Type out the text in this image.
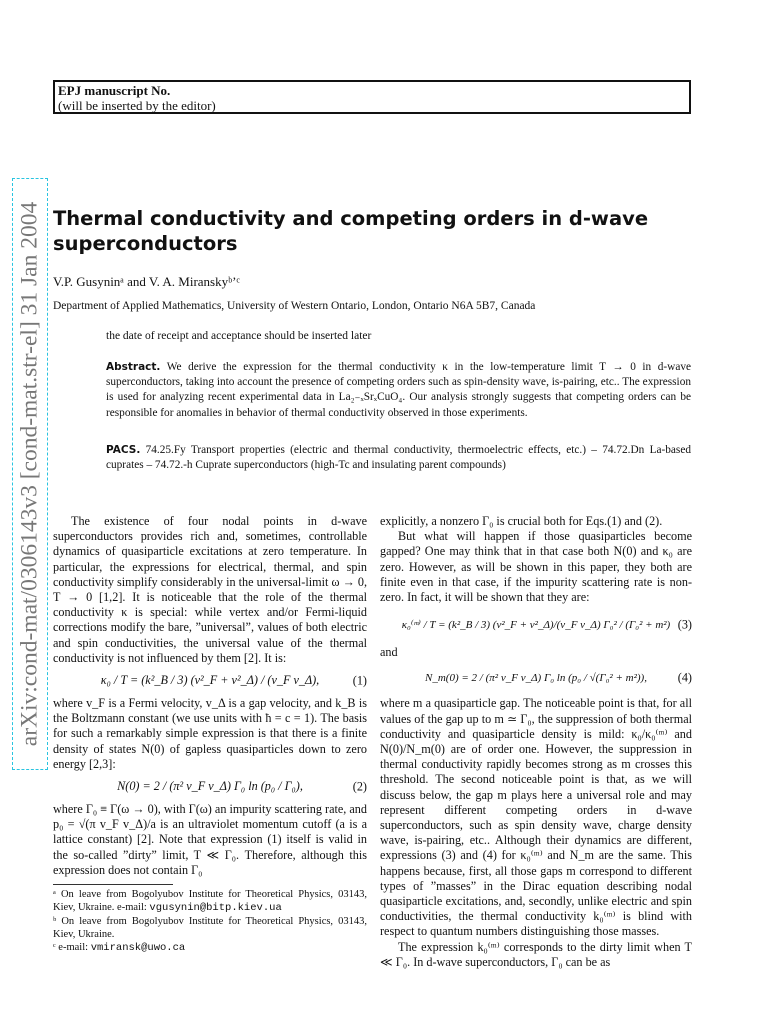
arXiv:cond-mat/0306143v3 [cond-mat.str-el] 31 Jan 2004
EPJ manuscript No.
(will be inserted by the editor)
Thermal conductivity and competing orders in d-wave
superconductors
V.P. Gusyninᵃ and V. A. Miranskyᵇʼᶜ
Department of Applied Mathematics, University of Western Ontario, London, Ontario N6A 5B7, Canada
the date of receipt and acceptance should be inserted later
Abstract. We derive the expression for the thermal conductivity κ in the low-temperature limit T → 0 in d-wave superconductors, taking into account the presence of competing orders such as spin-density wave, is-pairing, etc.. The expression is used for analyzing recent experimental data in La₂₋ₓSrₓCuO₄. Our analysis strongly suggests that competing orders can be responsible for anomalies in behavior of thermal conductivity observed in those experiments.
PACS. 74.25.Fy Transport properties (electric and thermal conductivity, thermoelectric effects, etc.) – 74.72.Dn La-based cuprates – 74.72.-h Cuprate superconductors (high-Tc and insulating parent compounds)

The existence of four nodal points in d-wave superconductors provides rich and, sometimes, controllable dynamics of quasiparticle excitations at zero temperature. In particular, the expressions for electrical, thermal, and spin conductivity simplify considerably in the universal-limit ω → 0, T → 0 [1,2]. It is noticeable that the role of the thermal conductivity κ is special: while vertex and/or Fermi-liquid corrections modify the bare, ”universal”, values of both electric and spin conductivities, the universal value of the thermal conductivity is not influenced by them [2]. It is:

κ₀ / T = (k²_B / 3) (v²_F + v²_Δ) / (v_F v_Δ),	(1)

where v_F is a Fermi velocity, v_Δ is a gap velocity, and k_B is the Boltzmann constant (we use units with ħ = c = 1). The basis for such a remarkably simple expression is that there is a finite density of states N(0) of gapless quasiparticles down to zero energy [2,3]:

N(0) = 2 / (π² v_F v_Δ) Γ₀ ln (p₀ / Γ₀),	(2)

where Γ₀ ≡ Γ(ω → 0), with Γ(ω) an impurity scattering rate, and p₀ = √(π v_F v_Δ)/a is an ultraviolet momentum cutoff (a is a lattice constant) [2]. Note that expression (1) itself is valid in the so-called ”dirty” limit, T ≪ Γ₀. Therefore, although this expression does not contain Γ₀

ᵃ On leave from Bogolyubov Institute for Theoretical Physics, 03143, Kiev, Ukraine. e-mail: vgusynin@bitp.kiev.ua
ᵇ On leave from Bogolyubov Institute for Theoretical Physics, 03143, Kiev, Ukraine.
ᶜ e-mail: vmiransk@uwo.ca

explicitly, a nonzero Γ₀ is crucial both for Eqs.(1) and (2).

But what will happen if those quasiparticles become gapped? One may think that in that case both N(0) and κ₀ are zero. However, as will be shown in this paper, they both are finite even in that case, if the impurity scattering rate is non-zero. In fact, it will be shown that they are:

κ₀⁽ᵐ⁾ / T = (k²_B / 3) (v²_F + v²_Δ)/(v_F v_Δ) Γ₀² / (Γ₀² + m²) (3)

and

N_m(0) = 2 / (π² v_F v_Δ) Γ₀ ln (p₀ / √(Γ₀² + m²)),	(4)

where m a quasiparticle gap. The noticeable point is that, for all values of the gap up to m ≃ Γ₀, the suppression of both thermal conductivity and quasiparticle density is mild: κ₀/κ₀⁽ᵐ⁾ and N(0)/N_m(0) are of order one. However, the suppression in thermal conductivity rapidly becomes strong as m crosses this threshold. The second noticeable point is that, as we will discuss below, the gap m plays here a universal role and may represent different competing orders in d-wave superconductors, such as spin density wave, charge density wave, is-pairing, etc.. Although their dynamics are different, expressions (3) and (4) for κ₀⁽ᵐ⁾ and N_m are the same. This happens because, first, all those gaps m correspond to different types of ”masses” in the Dirac equation describing nodal quasiparticle excitations, and, secondly, unlike electric and spin conductivities, the thermal conductivity k₀⁽ᵐ⁾ is blind with respect to quantum numbers distinguishing those masses.

The expression k₀⁽ᵐ⁾ corresponds to the dirty limit when T ≪ Γ₀. In d-wave superconductors, Γ₀ can be as
